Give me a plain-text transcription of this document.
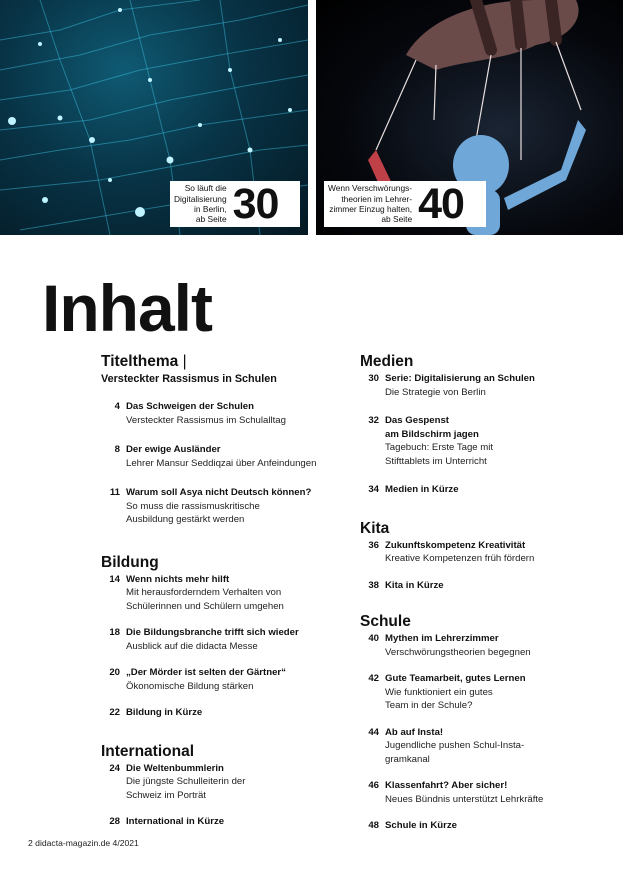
So läuft die
Digitalisierung
in Berlin,
ab Seite 30	Wenn Verschwörungs-
theorien im Lehrer-
zimmer Einzug halten,
ab Seite 40
Inhalt
Titelthema |
Versteckter Rassismus in Schulen
4 Das Schweigen der Schulen
Versteckter Rassismus im Schulalltag
8 Der ewige Ausländer
Lehrer Mansur Seddiqzai über Anfeindungen
11 Warum soll Asya nicht Deutsch können?
So muss die rassismuskritische
Ausbildung gestärkt werden
Bildung
14 Wenn nichts mehr hilft
Mit herausforderndem Verhalten von
Schülerinnen und Schülern umgehen
18 Die Bildungsbranche trifft sich wieder
Ausblick auf die didacta Messe
20 „Der Mörder ist selten der Gärtner“
Ökonomische Bildung stärken
22 Bildung in Kürze
International
24 Die Weltenbummlerin
Die jüngste Schulleiterin der
Schweiz im Porträt
28 International in Kürze
Medien
30 Serie: Digitalisierung an Schulen
Die Strategie von Berlin
32 Das Gespenst
am Bildschirm jagen
Tagebuch: Erste Tage mit
Stifttablets im Unterricht
34 Medien in Kürze
Kita
36 Zukunftskompetenz Kreativität
Kreative Kompetenzen früh fördern
38 Kita in Kürze
Schule
40 Mythen im Lehrerzimmer
Verschwörungstheorien begegnen
42 Gute Teamarbeit, gutes Lernen
Wie funktioniert ein gutes
Team in der Schule?
44 Ab auf Insta!
Jugendliche pushen Schul-Insta-
gramkanal
46 Klassenfahrt? Aber sicher!
Neues Bündnis unterstützt Lehrkräfte
48 Schule in Kürze
2 didacta-magazin.de 4/2021
